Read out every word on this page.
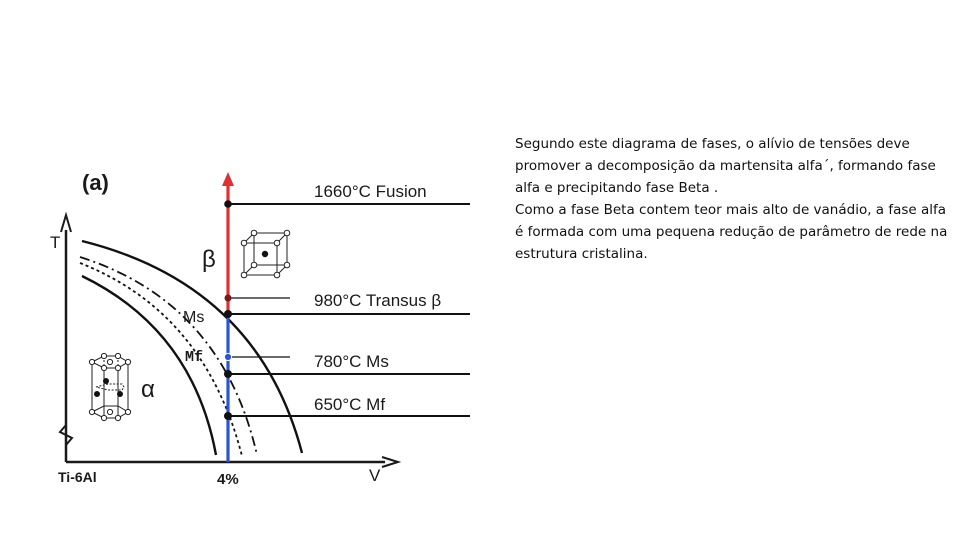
(a)
T
V
Ti-6Al	4%
1660°C Fusion
980°C Transus β
780°C Ms
650°C Mf
β
α
Ms
Mf

Segundo este diagrama de fases, o alívio de tensões deve promover a decomposição da martensita alfa´, formando fase alfa e precipitando fase Beta .

Como a fase Beta contem teor mais alto de vanádio, a fase alfa é formada com uma pequena redução de parâmetro de rede na estrutura cristalina.
